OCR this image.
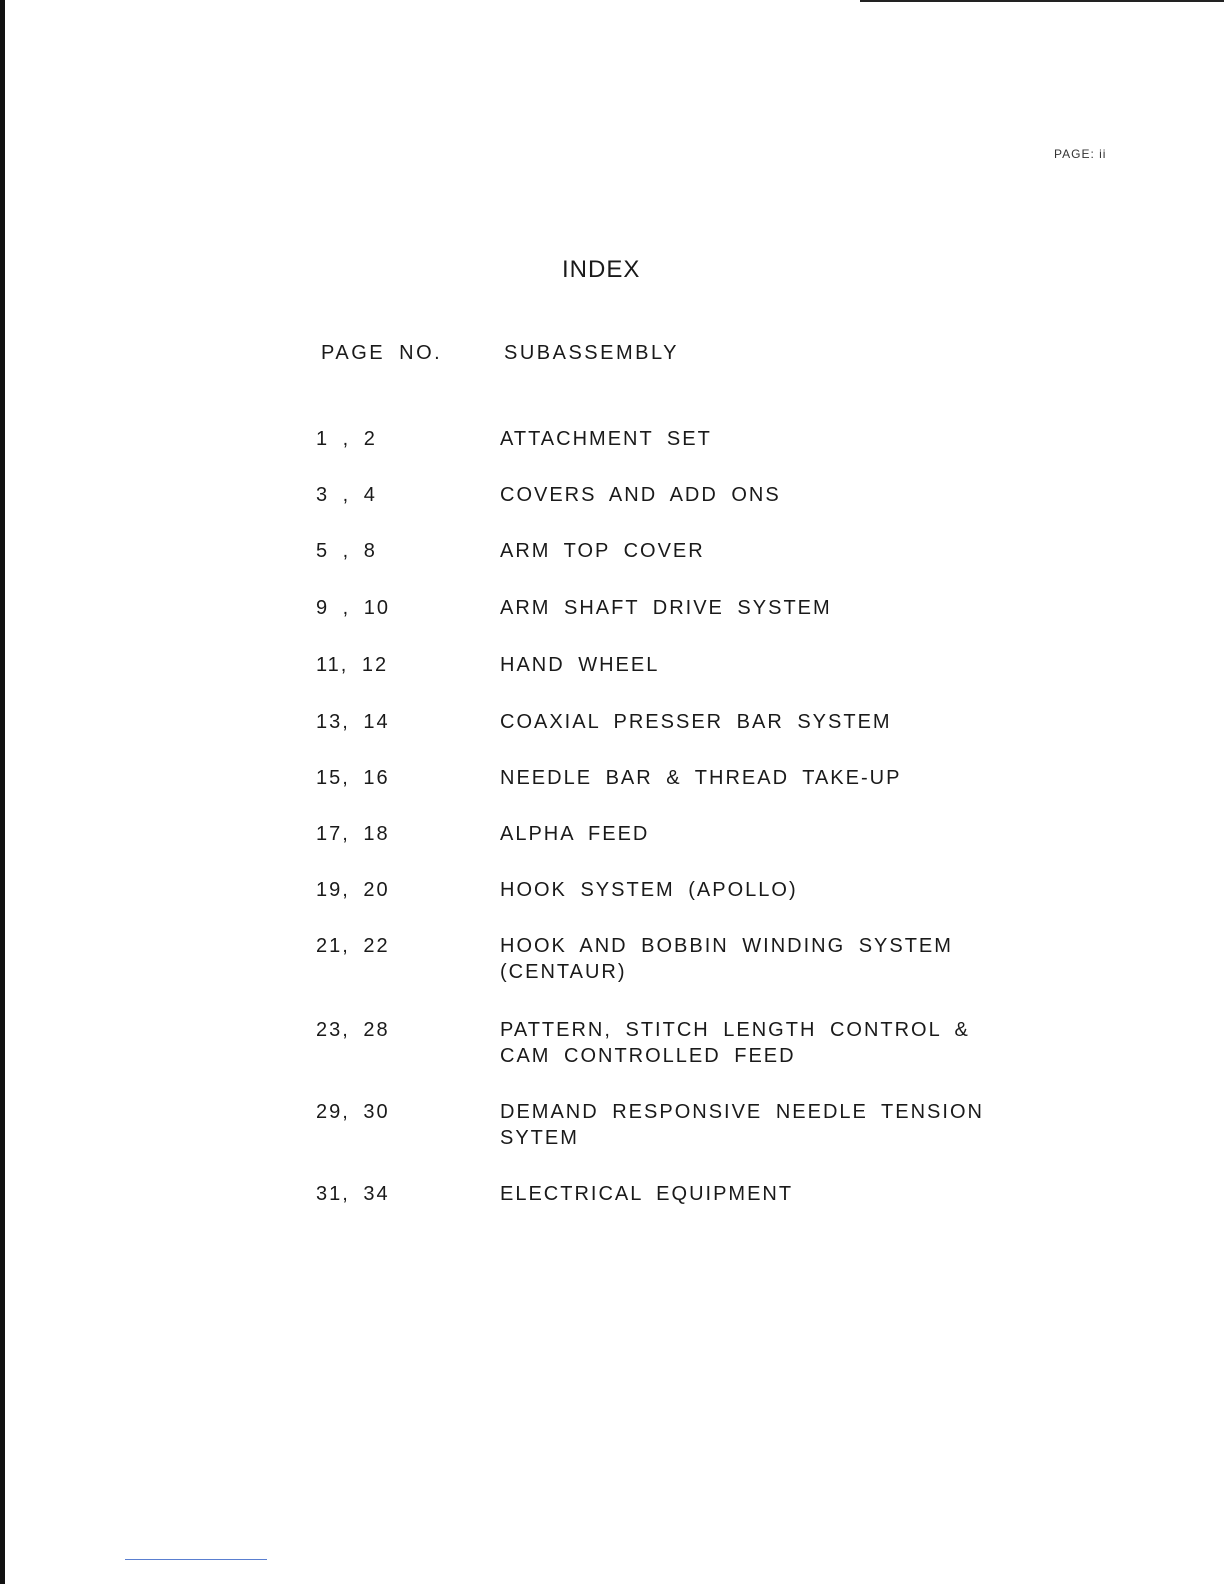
PAGE: ii
INDEX
PAGE NO.	SUBASSEMBLY
1 , 2	ATTACHMENT SET
3 , 4	COVERS AND ADD ONS
5 , 8	ARM TOP COVER
9 , 10	ARM SHAFT DRIVE SYSTEM
11, 12	HAND WHEEL
13, 14	COAXIAL PRESSER BAR SYSTEM
15, 16	NEEDLE BAR & THREAD TAKE-UP
17, 18	ALPHA FEED
19, 20	HOOK SYSTEM (APOLLO)
21, 22	HOOK AND BOBBIN WINDING SYSTEM (CENTAUR)
23, 28	PATTERN, STITCH LENGTH CONTROL & CAM CONTROLLED FEED
29, 30	DEMAND RESPONSIVE NEEDLE TENSION SYTEM
31, 34	ELECTRICAL EQUIPMENT
